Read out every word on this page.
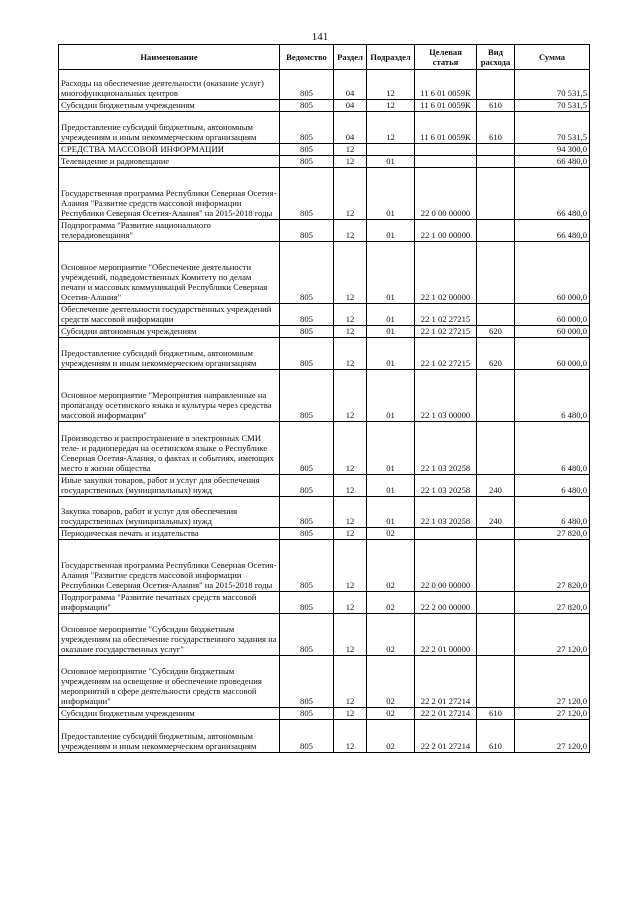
141
Наименование	Ведомство	Раздел	Подраздел	Целевая статья	Вид расхода	Сумма
Расходы на обеспечение деятельности (оказание услуг) многофункциональных центров	805	04	12	11 6 01 0059К		70 531,5
Субсидии бюджетным учреждениям	805	04	12	11 6 01 0059К	610	70 531,5
Предоставление субсидий бюджетным, автономным учреждениям и иным некоммерческим организациям	805	04	12	11 6 01 0059К	610	70 531,5
СРЕДСТВА МАССОВОЙ ИНФОРМАЦИИ	805	12				94 300,0
Телевидение и радиовещание	805	12	01			66 480,0
Государственная программа Республики Северная Осетия-Алания "Развитие средств массовой информации Республики Северная Осетия-Алания" на 2015-2018 годы	805	12	01	22 0 00 00000		66 480,0
Подпрограмма "Развитие национального телерадиовещания"	805	12	01	22 1 00 00000		66 480,0
Основное мероприятие "Обеспечение деятельности учреждений, подведомственных Комитету по делам печати и массовых коммуникаций Республики Северная Осетия-Алания"	805	12	01	22 1 02 00000		60 000,0
Обеспечение деятельности государственных учреждений средств массовой информации	805	12	01	22 1 02 27215		60 000,0
Субсидии автономным учреждениям	805	12	01	22 1 02 27215	620	60 000,0
Предоставление субсидий бюджетным, автономным учреждениям и иным некоммерческим организациям	805	12	01	22 1 02 27215	620	60 000,0
Основное мероприятие "Мероприятия направленные на пропаганду осетинского языка и культуры через средства массовой информации"	805	12	01	22 1 03 00000		6 480,0
Производство и распространение в электронных СМИ теле- и радиопередач на осетинском языке о Республике Северная Осетия-Алания, о фактах и событиях, имеющих место в жизни общества	805	12	01	22 1 03 20258		6 480,0
Иные закупки товаров, работ и услуг для обеспечения государственных (муниципальных) нужд	805	12	01	22 1 03 20258	240	6 480,0
Закупка товаров, работ и услуг для обеспечения государственных (муниципальных) нужд	805	12	01	22 1 03 20258	240	6 480,0
Периодическая печать и издательства	805	12	02			27 820,0
Государственная программа Республики Северная Осетия-Алания "Развитие средств массовой информации Республики Северная Осетия-Алания" на 2015-2018 годы	805	12	02	22 0 00 00000		27 820,0
Подпрограмма "Развитие печатных средств массовой информации"	805	12	02	22 2 00 00000		27 820,0
Основное мероприятие "Субсидии бюджетным учреждениям на обеспечение государственного задания на оказание государственных услуг"	805	12	02	22 2 01 00000		27 120,0
Основное мероприятие "Субсидии бюджетным учреждениям на освещение и обеспечение проведения мероприятий в сфере деятельности средств массовой информации"	805	12	02	22 2 01 27214		27 120,0
Субсидии бюджетным учреждениям	805	12	02	22 2 01 27214	610	27 120,0
Предоставление субсидий бюджетным, автономным учреждениям и иным некоммерческим организациям	805	12	02	22 2 01 27214	610	27 120,0
